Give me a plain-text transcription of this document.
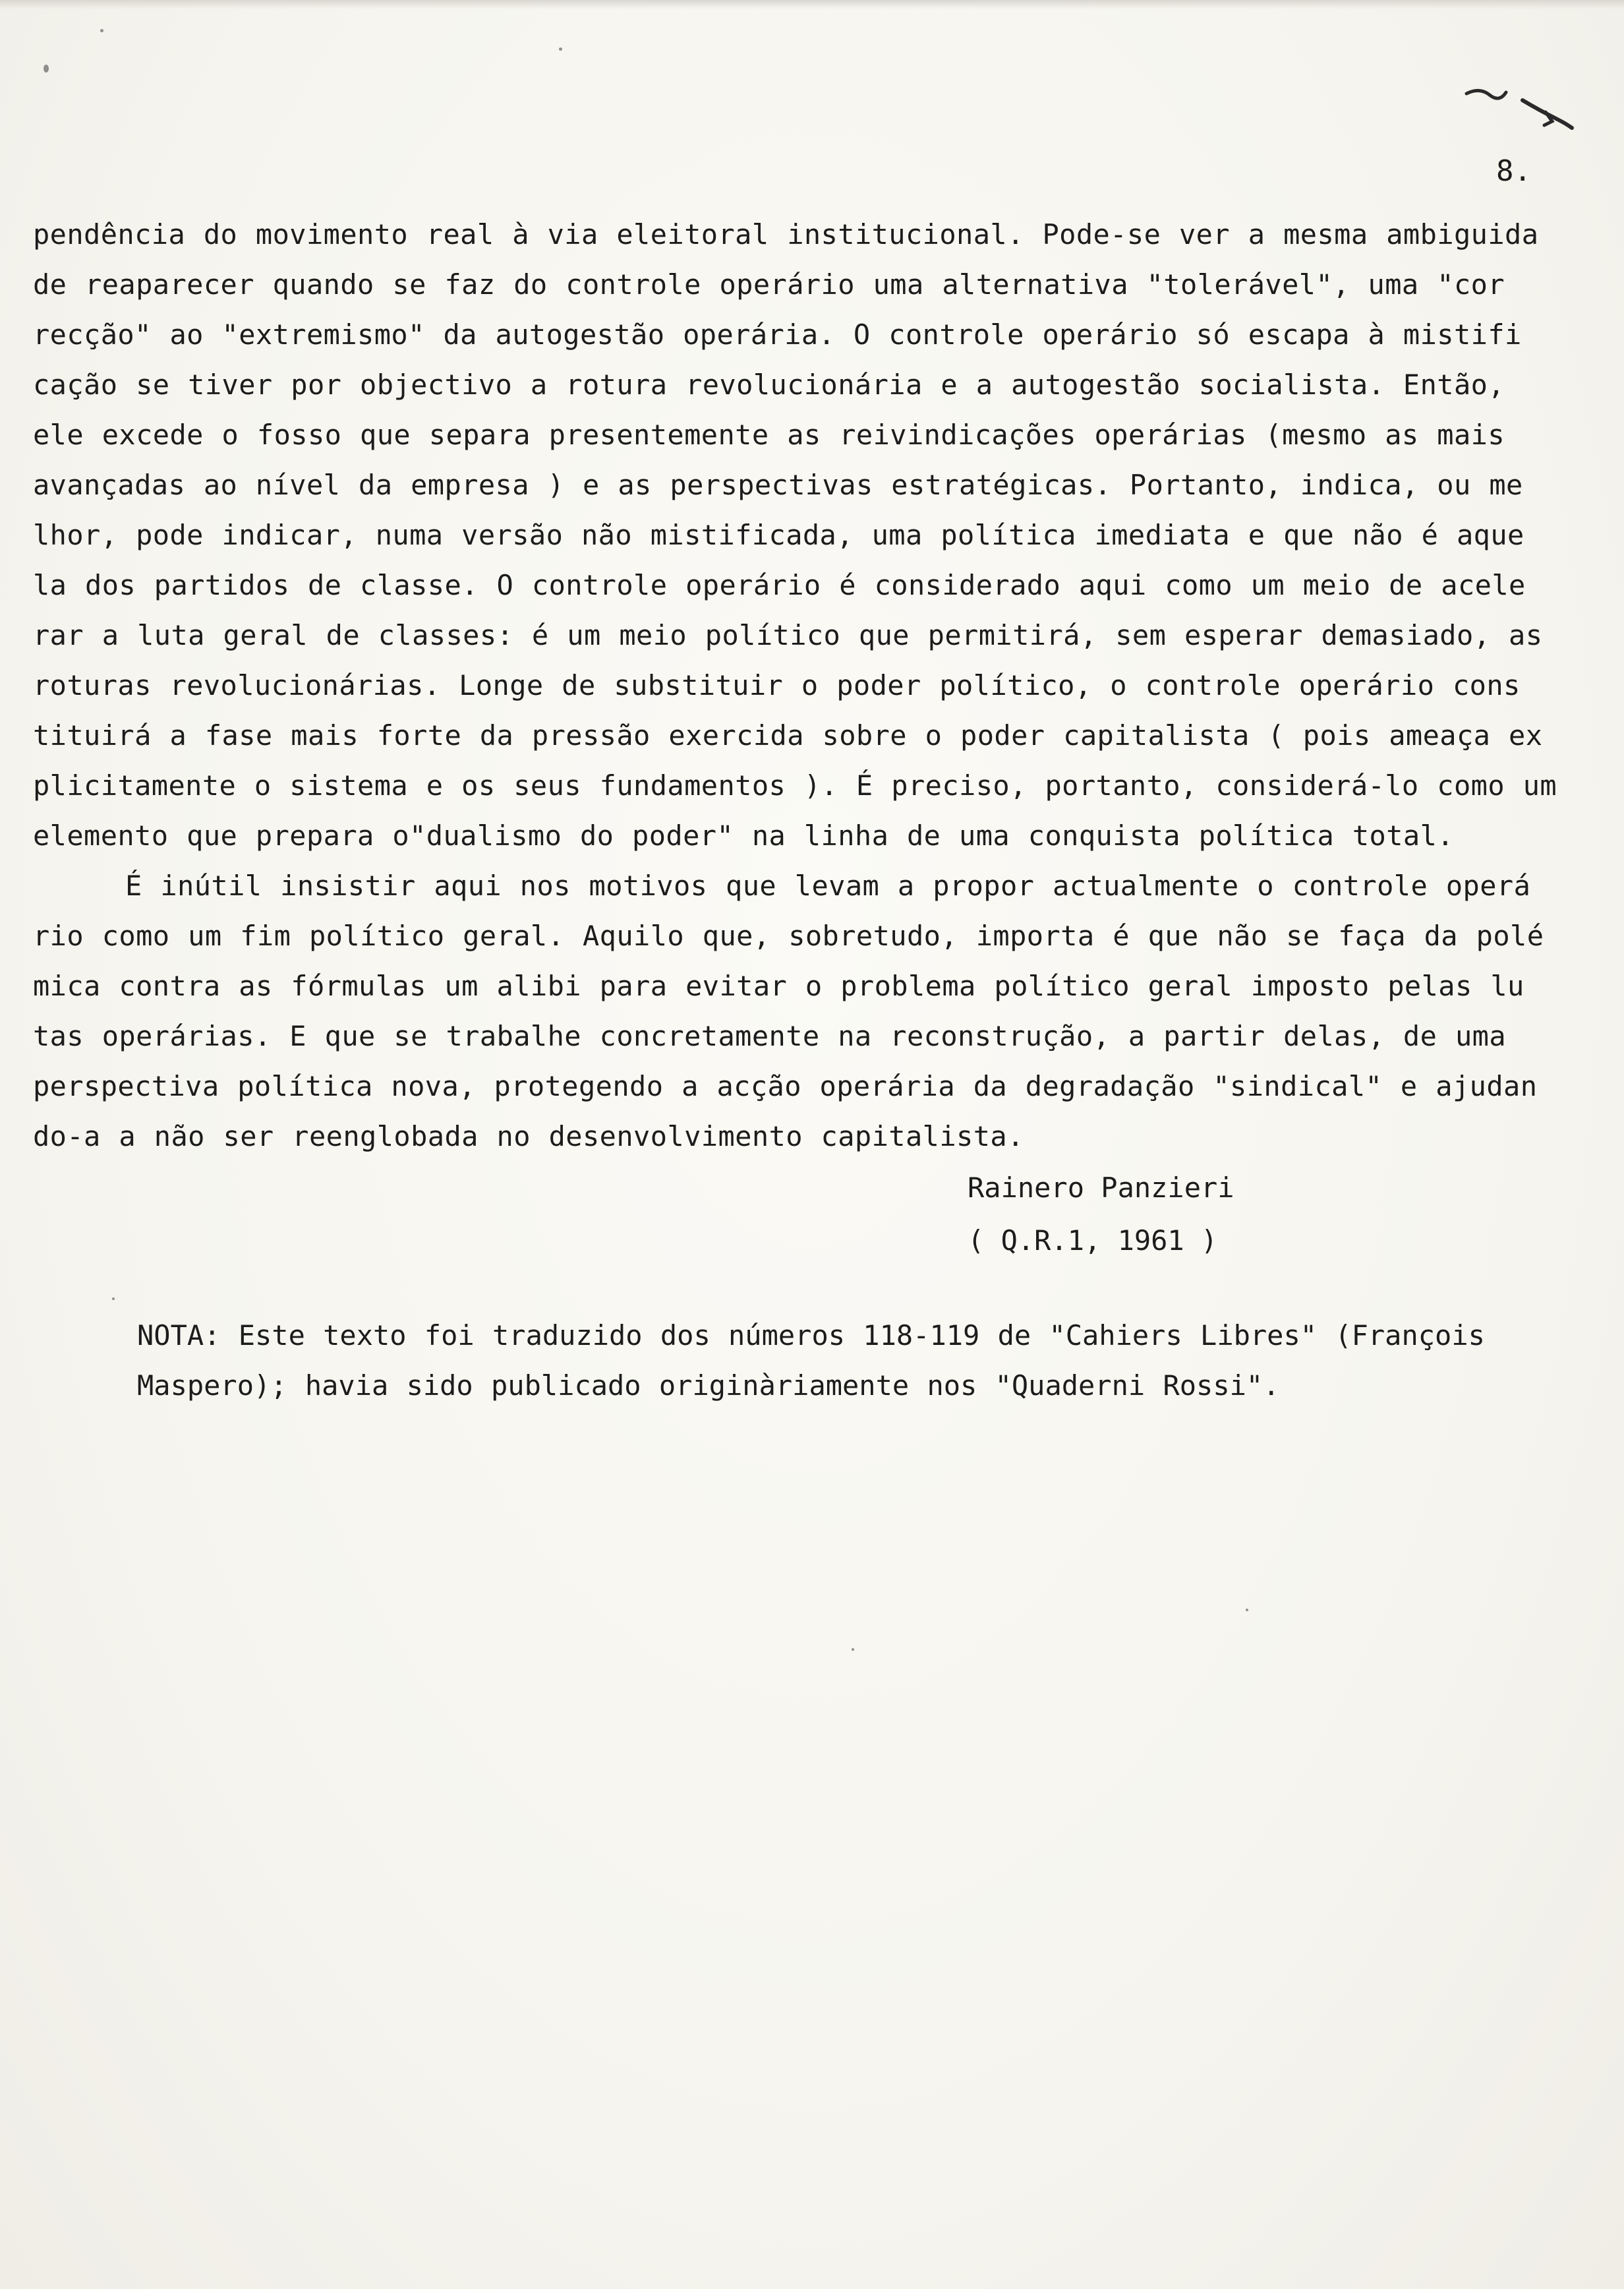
8.

pendência do movimento real à via eleitoral institucional. Pode-se ver a mesma ambiguida de reaparecer quando se faz do controle operário uma alternativa "tolerável", uma "cor recção" ao "extremismo" da autogestão operária. O controle operário só escapa à mistifi cação se tiver por objectivo a rotura revolucionária e a autogestão socialista. Então, ele excede o fosso que separa presentemente as reivindicações operárias (mesmo as mais avançadas ao nível da empresa ) e as perspectivas estratégicas. Portanto, indica, ou me lhor, pode indicar, numa versão não mistificada, uma política imediata e que não é aque la dos partidos de classe. O controle operário é considerado aqui como um meio de acele rar a luta geral de classes: é um meio político que permitirá, sem esperar demasiado, as roturas revolucionárias. Longe de substituir o poder político, o controle operário cons tituirá a fase mais forte da pressão exercida sobre o poder capitalista ( pois ameaça ex plicitamente o sistema e os seus fundamentos ). É preciso, portanto, considerá-lo como um elemento que prepara o"dualismo do poder" na linha de uma conquista política total.

É inútil insistir aqui nos motivos que levam a propor actualmente o controle operá rio como um fim político geral. Aquilo que, sobretudo, importa é que não se faça da polé mica contra as fórmulas um alibi para evitar o problema político geral imposto pelas lu tas operárias. E que se trabalhe concretamente na reconstrução, a partir delas, de uma perspectiva política nova, protegendo a acção operária da degradação "sindical" e ajudan do-a a não ser reenglobada no desenvolvimento capitalista.

Rainero Panzieri
( Q.R.1, 1961 )

NOTA: Este texto foi traduzido dos números 118-119 de "Cahiers Libres" (François Maspero); havia sido publicado originàriamente nos "Quaderni Rossi".
